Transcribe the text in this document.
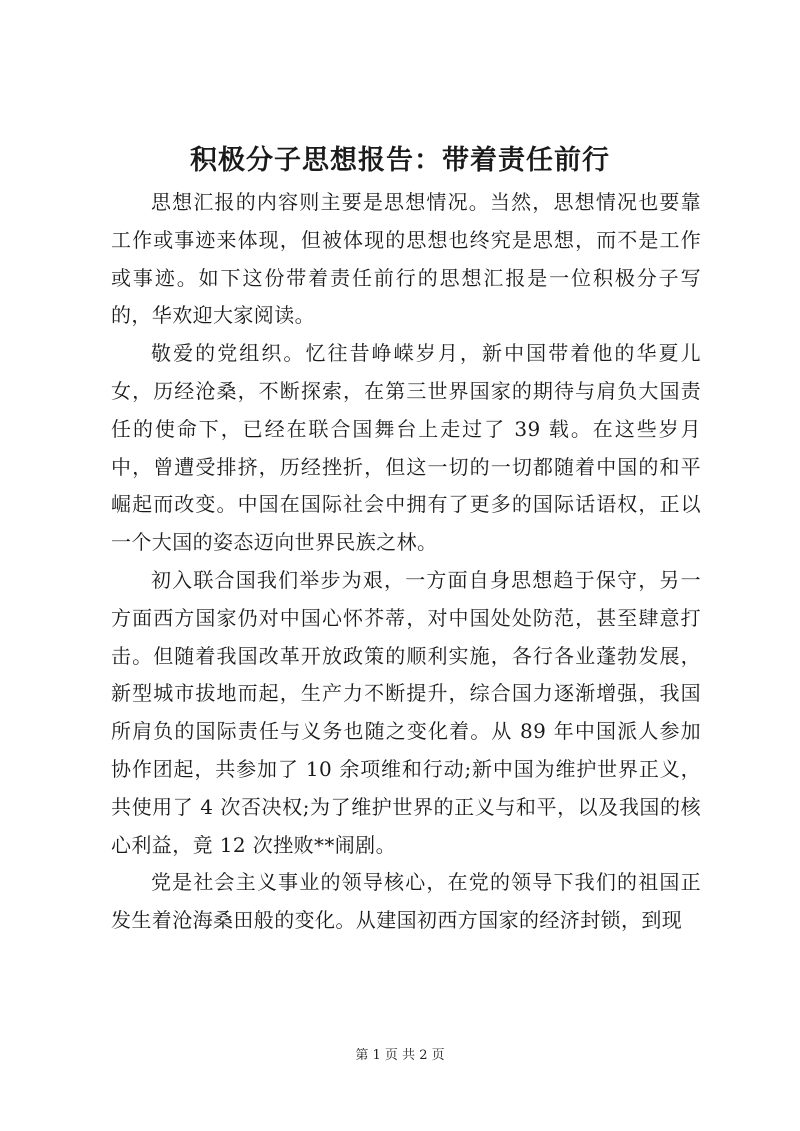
积极分子思想报告：带着责任前行

思想汇报的内容则主要是思想情况。当然，思想情况也要靠工作或事迹来体现，但被体现的思想也终究是思想，而不是工作或事迹。如下这份带着责任前行的思想汇报是一位积极分子写的，华欢迎大家阅读。

敬爱的党组织。忆往昔峥嵘岁月，新中国带着他的华夏儿女，历经沧桑，不断探索，在第三世界国家的期待与肩负大国责任的使命下，已经在联合国舞台上走过了 39 载。在这些岁月中，曾遭受排挤，历经挫折，但这一切的一切都随着中国的和平崛起而改变。中国在国际社会中拥有了更多的国际话语权，正以一个大国的姿态迈向世界民族之林。

初入联合国我们举步为艰，一方面自身思想趋于保守，另一方面西方国家仍对中国心怀芥蒂，对中国处处防范，甚至肆意打击。但随着我国改革开放政策的顺利实施，各行各业蓬勃发展，新型城市拔地而起，生产力不断提升，综合国力逐渐增强，我国所肩负的国际责任与义务也随之变化着。从 89 年中国派人参加协作团起，共参加了 10 余项维和行动;新中国为维护世界正义，共使用了 4 次否决权;为了维护世界的正义与和平，以及我国的核心利益，竟 12 次挫败**闹剧。

党是社会主义事业的领导核心，在党的领导下我们的祖国正发生着沧海桑田般的变化。从建国初西方国家的经济封锁，到现

第 1 页 共 2 页
